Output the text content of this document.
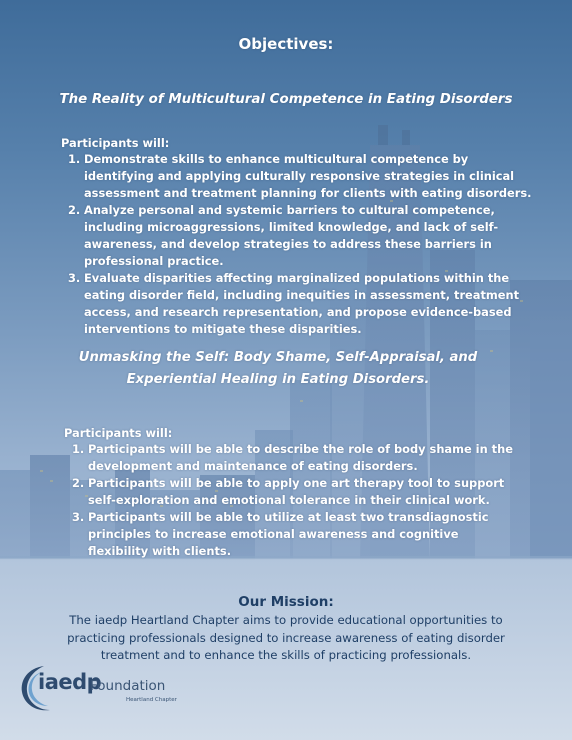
Objectives:
The Reality of Multicultural Competence in Eating Disorders
Participants will:
1. Demonstrate skills to enhance multicultural competence by identifying and applying culturally responsive strategies in clinical assessment and treatment planning for clients with eating disorders.
2. Analyze personal and systemic barriers to cultural competence, including microaggressions, limited knowledge, and lack of self-awareness, and develop strategies to address these barriers in professional practice.
3. Evaluate disparities affecting marginalized populations within the eating disorder field, including inequities in assessment, treatment access, and research representation, and propose evidence-based interventions to mitigate these disparities.
Unmasking the Self: Body Shame, Self-Appraisal, and
Experiential Healing in Eating Disorders.
Participants will:
1. Participants will be able to describe the role of body shame in the development and maintenance of eating disorders.
2. Participants will be able to apply one art therapy tool to support self-exploration and emotional tolerance in their clinical work.
3. Participants will be able to utilize at least two transdiagnostic principles to increase emotional awareness and cognitive flexibility with clients.
Our Mission:
The iaedp Heartland Chapter aims to provide educational opportunities to practicing professionals designed to increase awareness of eating disorder treatment and to enhance the skills of practicing professionals.
iaedp
Foundation
Heartland Chapter
